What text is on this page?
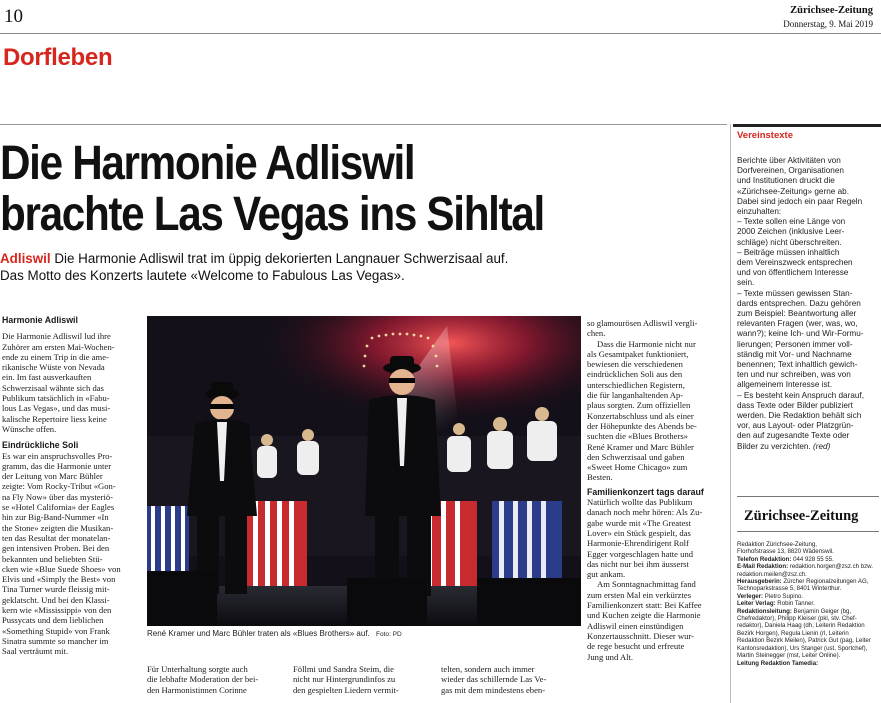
10	Zürichsee-Zeitung
Donnerstag, 9. Mai 2019
Dorfleben
Die Harmonie Adliswil
brachte Las Vegas ins Sihltal
Adliswil Die Harmonie Adliswil trat im üppig dekorierten Langnauer Schwerzisaal auf.
Das Motto des Konzerts lautete «Welcome to Fabulous Las Vegas».
Harmonie Adliswil

Die Harmonie Adliswil lud ihre
Zuhörer am ersten Mai-Wochen-
ende zu einem Trip in die ame-
rikanische Wüste von Nevada
ein. Im fast ausverkauften
Schwerzisaal wähnte sich das
Publikum tatsächlich in «Fabu-
lous Las Vegas», und das musi-
kalische Repertoire liess keine
Wünsche offen.

Eindrückliche Soli

Es war ein anspruchsvolles Pro-
gramm, das die Harmonie unter
der Leitung von Marc Bühler
zeigte: Vom Rocky-Tribut «Gon-
na Fly Now» über das mysteriö-
se «Hotel California» der Eagles
hin zur Big-Band-Nummer «In
the Stone» zeigten die Musikan-
ten das Resultat der monatelan-
gen intensiven Proben. Bei den
bekannten und beliebten Stü-
cken wie «Blue Suede Shoes» von
Elvis und «Simply the Best» von
Tina Turner wurde fleissig mit-
geklatscht. Und bei den Klassi-
kern wie «Mississippi» von den
Pussycats und dem lieblichen
«Something Stupid» von Frank
Sinatra summte so mancher im
Saal verträumt mit.

René Kramer und Marc Bühler traten als «Blues Brothers» auf. Foto: PD

Für Unterhaltung sorgte auch
die lebhafte Moderation der bei-
den Harmonistinnen Corinne

Föllmi und Sandra Steim, die
nicht nur Hintergrundinfos zu
den gespielten Liedern vermit-

telten, sondern auch immer
wieder das schillernde Las Ve-
gas mit dem mindestens eben-

so glamourösen Adliswil vergli-
chen.

Dass die Harmonie nicht nur
als Gesamtpaket funktioniert,
bewiesen die verschiedenen
eindrücklichen Soli aus den
unterschiedlichen Registern,
die für langanhaltenden Ap-
plaus sorgten. Zum offiziellen
Konzertabschluss und als einer
der Höhepunkte des Abends be-
suchten die «Blues Brothers»
René Kramer und Marc Bühler
den Schwerzisaal und gaben
«Sweet Home Chicago» zum
Besten.

Familienkonzert tags darauf

Natürlich wollte das Publikum
danach noch mehr hören: Als Zu-
gabe wurde mit «The Greatest
Lover» ein Stück gespielt, das
Harmonie-Ehrendirigent Rolf
Egger vorgeschlagen hatte und
das nicht nur bei ihm äusserst
gut ankam.

Am Sonntagnachmittag fand
zum ersten Mal ein verkürztes
Familienkonzert statt: Bei Kaffee
und Kuchen zeigte die Harmonie
Adliswil einen einstündigen
Konzertausschnitt. Dieser wur-
de rege besucht und erfreute
Jung und Alt.

Vereinstexte
Berichte über Aktivitäten von
Dorfvereinen, Organisationen
und Institutionen druckt die
«Zürichsee-Zeitung» gerne ab.
Dabei sind jedoch ein paar Regeln
einzuhalten:
– Texte sollen eine Länge von
2000 Zeichen (inklusive Leer-
schläge) nicht überschreiten.
– Beiträge müssen inhaltlich
dem Vereinszweck entsprechen
und von öffentlichem Interesse
sein.
– Texte müssen gewissen Stan-
dards entsprechen. Dazu gehören
zum Beispiel: Beantwortung aller
relevanten Fragen (wer, was, wo,
wann?); keine Ich- und Wir-Formu-
lierungen; Personen immer voll-
ständig mit Vor- und Nachname
benennen; Text inhaltlich gewich-
ten und nur schreiben, was von
allgemeinem Interesse ist.
– Es besteht kein Anspruch darauf,
dass Texte oder Bilder publiziert
werden. Die Redaktion behält sich
vor, aus Layout- oder Platzgrün-
den auf zugesandte Texte oder
Bilder zu verzichten. (red)
Zürichsee-Zeitung
Redaktion Zürichsee-Zeitung,
Florhofstrasse 13, 8820 Wädenswil.
Telefon Redaktion: 044 928 55 55.
E-Mail Redaktion: redaktion.horgen@zsz.ch bzw.
redaktion.meilen@zsz.ch.
Herausgeberin: Zürcher Regionalzeitungen AG,
Technoparkstrasse 5, 8401 Winterthur.
Verleger: Pietro Supino.
Leiter Verlag: Robin Tanner.
Redaktionsleitung: Benjamin Geiger (bg,
Chefredaktor), Philipp Kleiser (pkl, stv. Chef-
redaktor), Daniela Haag (dh, Leiterin Redaktion
Bezirk Horgen), Regula Lienin (rl, Leiterin
Redaktion Bezirk Meilen), Patrick Gut (pag, Leiter
Kantonsredaktion), Urs Stanger (ust, Sportchef),
Martin Steinegger (mst, Leiter Online).
Leitung Redaktion Tamedia:
